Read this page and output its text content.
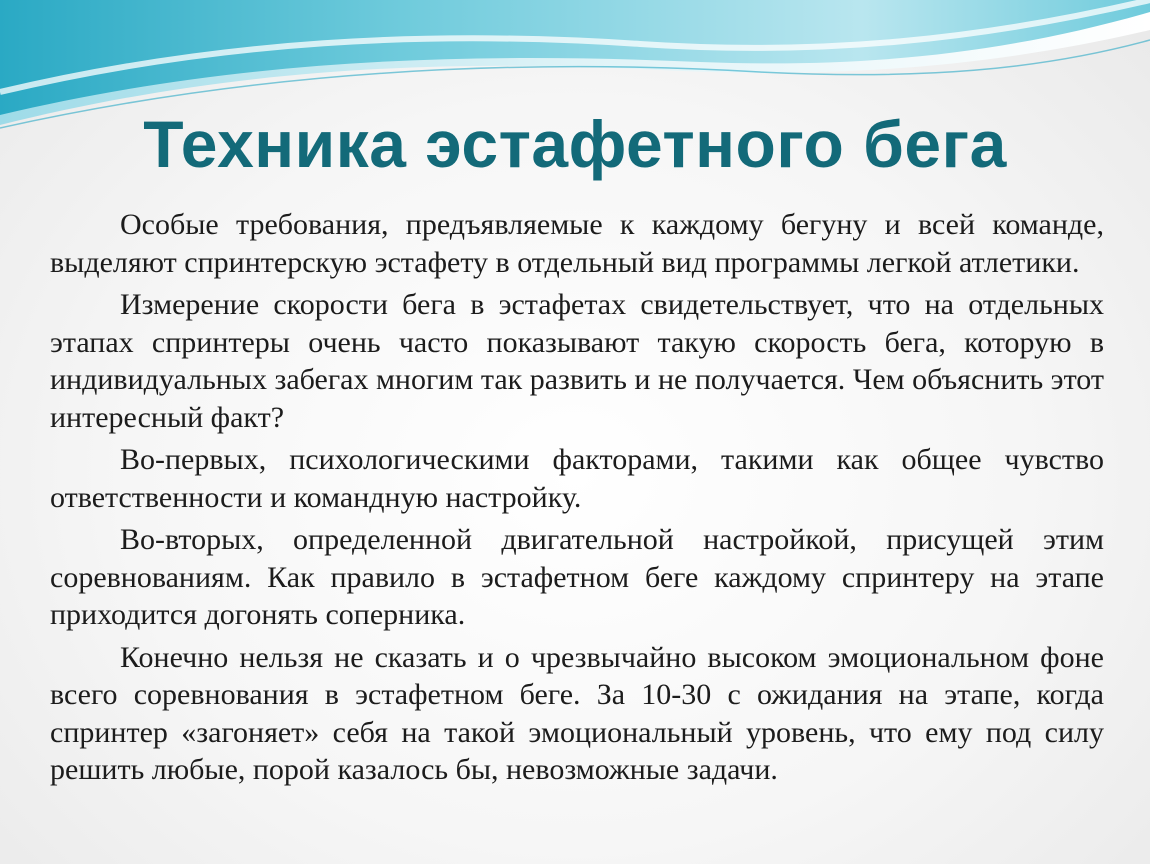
Техника эстафетного бега

Особые требования, предъявляемые к каждому бегуну и всей команде, выделяют спринтерскую эстафету в отдельный вид программы легкой атлетики.

Измерение скорости бега в эстафетах свидетельствует, что на отдельных этапах спринтеры очень часто показывают такую скорость бега, которую в индивидуальных забегах многим так развить и не получается. Чем объяснить этот интересный факт?

Во-первых, психологическими факторами, такими как общее чувство ответственности и командную настройку.

Во-вторых, определенной двигательной настройкой, присущей этим соревнованиям. Как правило в эстафетном беге каждому спринтеру на этапе приходится догонять соперника.

Конечно нельзя не сказать и о чрезвычайно высоком эмоциональном фоне всего соревнования в эстафетном беге. За 10-30 с ожидания на этапе, когда спринтер «загоняет» себя на такой эмоциональный уровень, что ему под силу решить любые, порой казалось бы, невозможные задачи.
